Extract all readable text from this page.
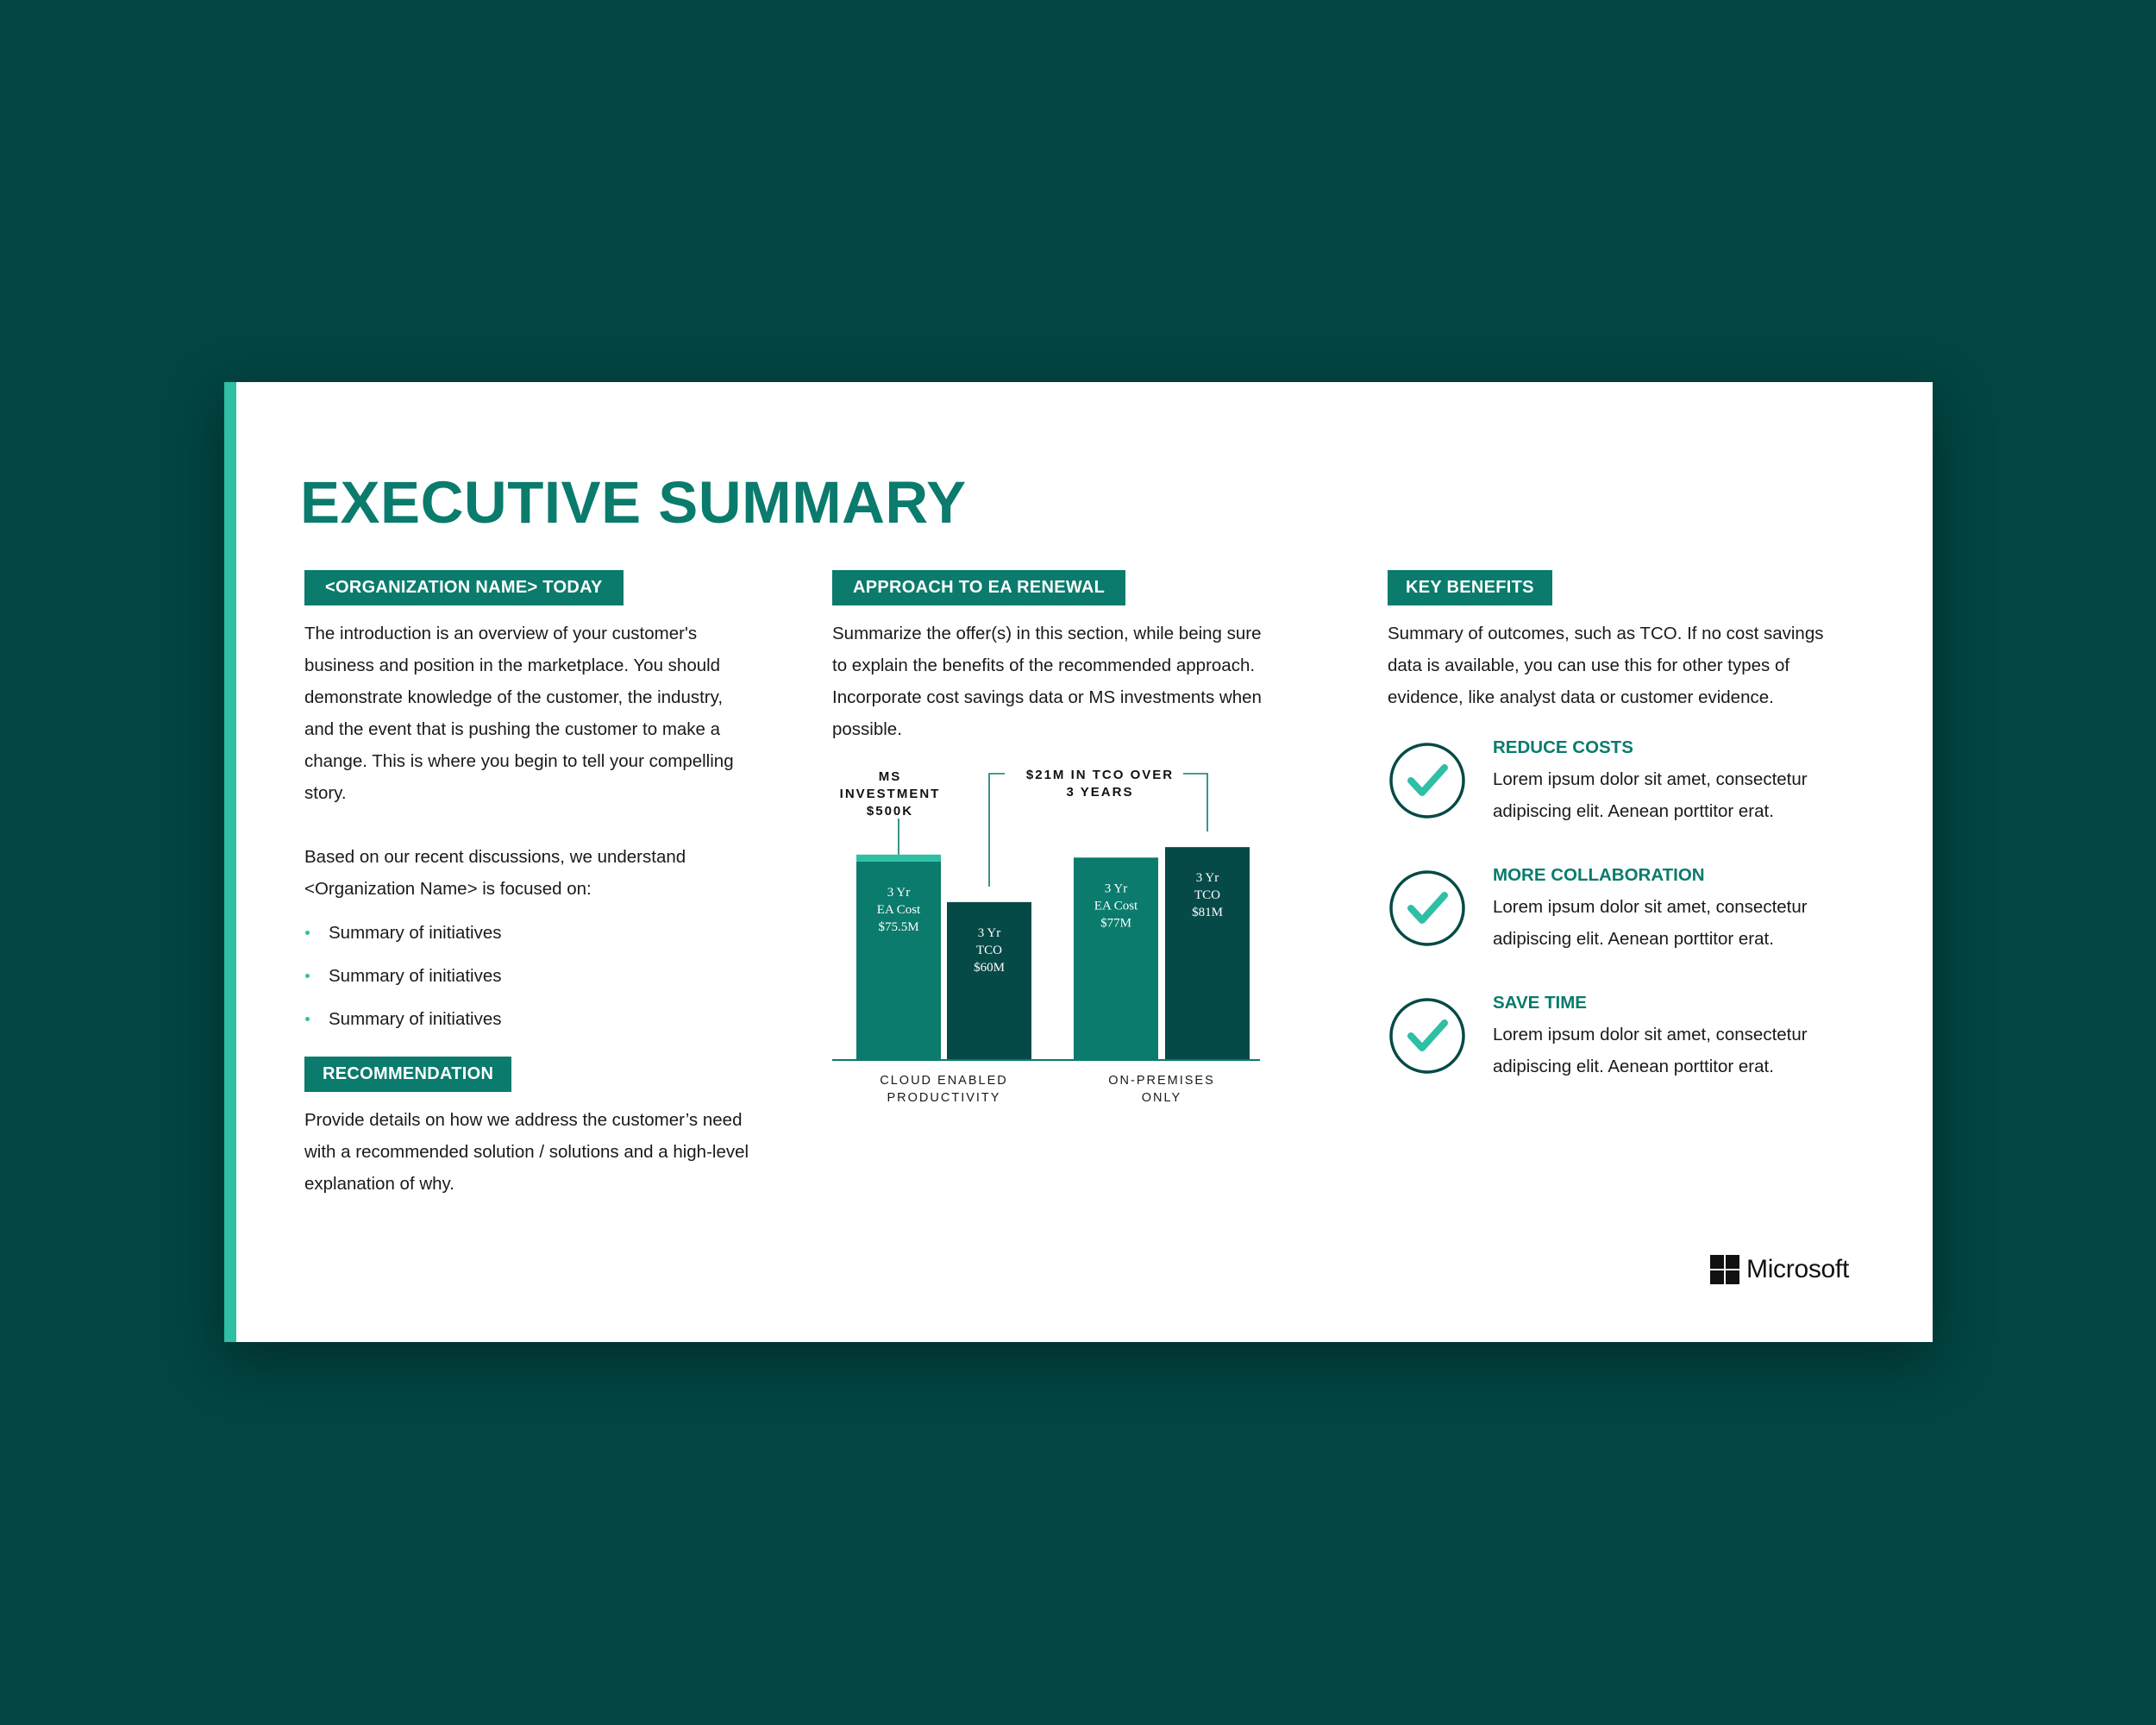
EXECUTIVE SUMMARY
<ORGANIZATION NAME> TODAY

The introduction is an overview of your customer's business and position in the marketplace. You should demonstrate knowledge of the customer, the industry, and the event that is pushing the customer to make a change. This is where you begin to tell your compelling story.

Based on our recent discussions, we understand <Organization Name> is focused on:

Summary of initiatives
Summary of initiatives
Summary of initiatives
RECOMMENDATION

Provide details on how we address the customer’s need with a recommended solution / solutions and a high-level explanation of why.

APPROACH TO EA RENEWAL

Summarize the offer(s) in this section, while being sure to explain the benefits of the recommended approach. Incorporate cost savings data or MS investments when possible.

3 Yr EA Cost $75.5M	3 Yr TCO $60M
CLOUD ENABLED PRODUCTIVITY
3 Yr EA Cost $77M
3 Yr TCO $81M
ON-PREMISES ONLY
MS INVESTMENT $500K
$21M IN TCO OVER 3 YEARS
KEY BENEFITS

Summary of outcomes, such as TCO. If no cost savings data is available, you can use this for other types of evidence, like analyst data or customer evidence.

REDUCE COSTS

Lorem ipsum dolor sit amet, consectetur adipiscing elit. Aenean porttitor erat.

MORE COLLABORATION

Lorem ipsum dolor sit amet, consectetur adipiscing elit. Aenean porttitor erat.

SAVE TIME

Lorem ipsum dolor sit amet, consectetur adipiscing elit. Aenean porttitor erat.

Microsoft
